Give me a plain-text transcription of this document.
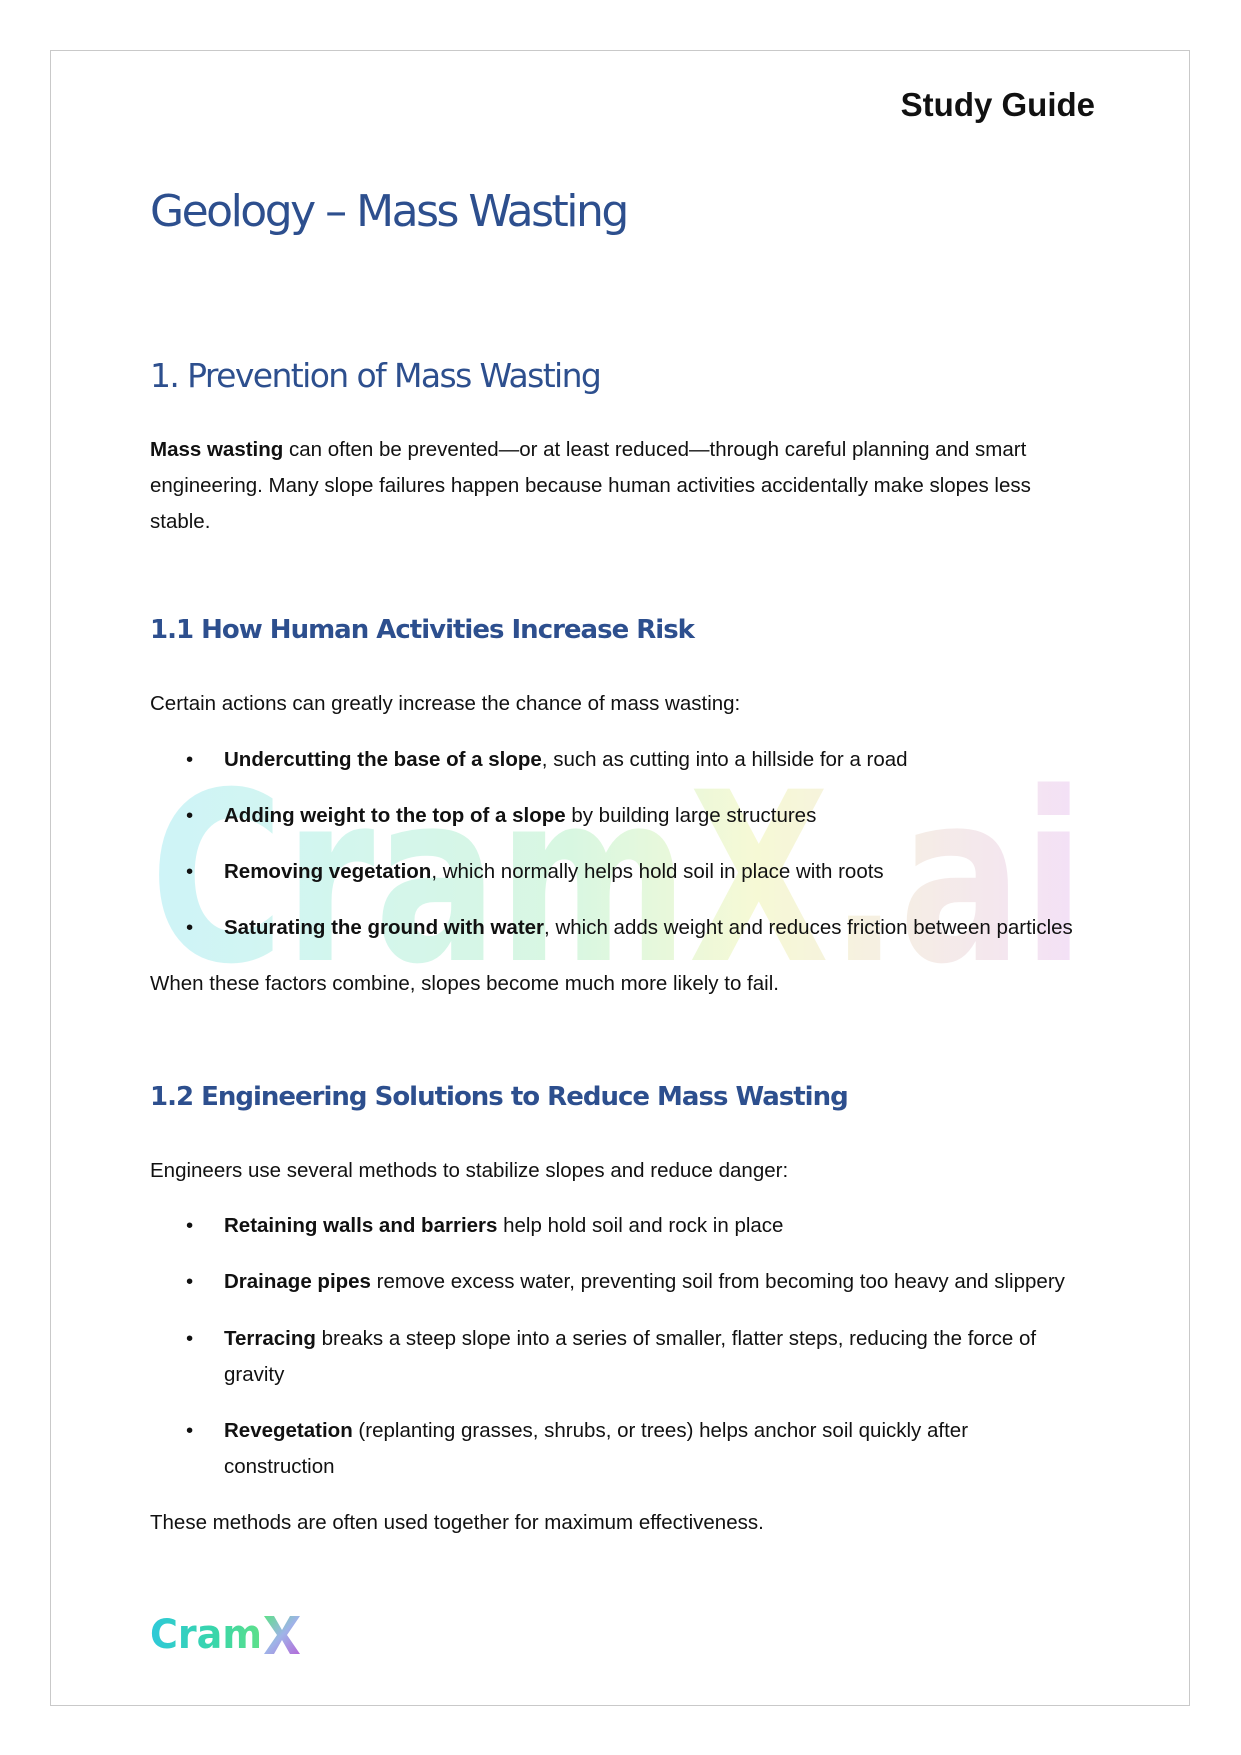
CramX.ai
Study Guide
Geology – Mass Wasting
1. Prevention of Mass Wasting
Mass wasting can often be prevented—or at least reduced—through careful planning and smart engineering. Many slope failures happen because human activities accidentally make slopes less stable.
1.1 How Human Activities Increase Risk
Certain actions can greatly increase the chance of mass wasting:
• Undercutting the base of a slope, such as cutting into a hillside for a road
• Adding weight to the top of a slope by building large structures
• Removing vegetation, which normally helps hold soil in place with roots
• Saturating the ground with water, which adds weight and reduces friction between particles
When these factors combine, slopes become much more likely to fail.
1.2 Engineering Solutions to Reduce Mass Wasting
Engineers use several methods to stabilize slopes and reduce danger:
• Retaining walls and barriers help hold soil and rock in place
• Drainage pipes remove excess water, preventing soil from becoming too heavy and slippery
• Terracing breaks a steep slope into a series of smaller, flatter steps, reducing the force of gravity
• Revegetation (replanting grasses, shrubs, or trees) helps anchor soil quickly after construction
These methods are often used together for maximum effectiveness.
Cram
